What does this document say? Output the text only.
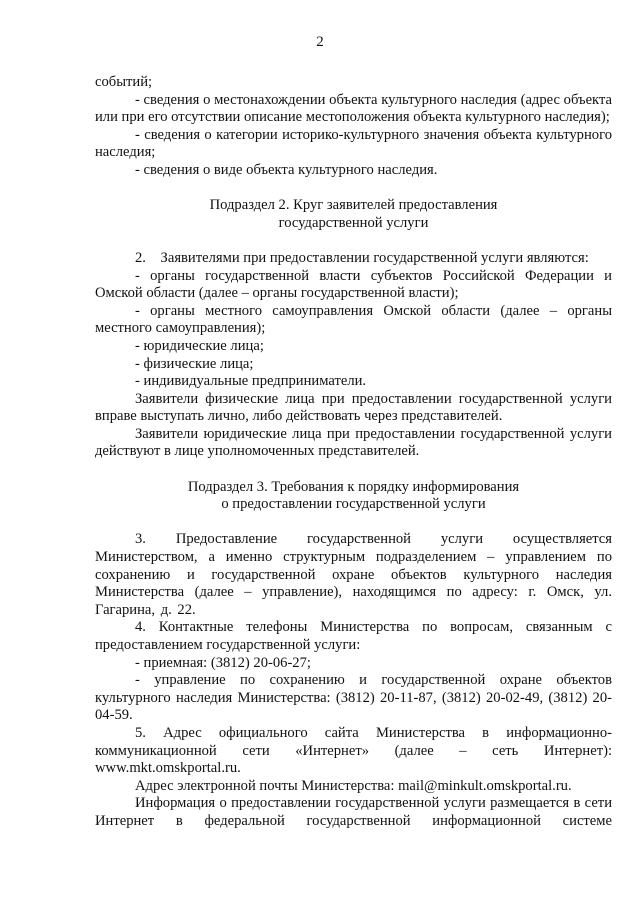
2

событий;

- сведения о местонахождении объекта культурного наследия (адрес объекта или при его отсутствии описание местоположения объекта культурного наследия);

- сведения о категории историко-культурного значения объекта культурного наследия;

- сведения о виде объекта культурного наследия.

Подраздел 2. Круг заявителей предоставления

государственной услуги

2.    Заявителями при предоставлении государственной услуги являются:

- органы государственной власти субъектов Российской Федерации и Омской области (далее – органы государственной власти);

- органы местного самоуправления Омской области (далее – органы местного самоуправления);

- юридические лица;

- физические лица;

- индивидуальные предприниматели.

Заявители физические лица при предоставлении государственной услуги вправе выступать лично, либо действовать через представителей.

Заявители юридические лица при предоставлении государственной услуги действуют в лице уполномоченных представителей.

Подраздел 3. Требования к порядку информирования

о предоставлении государственной услуги

3. Предоставление государственной услуги осуществляется Министерством, а именно структурным подразделением – управлением по сохранению и государственной охране объектов культурного наследия Министерства (далее – управление), находящимся по адресу: г. Омск, ул. Гагарина, д. 22.

4. Контактные телефоны Министерства по вопросам, связанным с предоставлением государственной услуги:

- приемная: (3812) 20-06-27;

- управление по сохранению и государственной охране объектов культурного наследия Министерства: (3812) 20-11-87, (3812) 20-02-49, (3812) 20-04-59.

5. Адрес официального сайта Министерства в информационно-коммуникационной сети «Интернет» (далее – сеть Интернет): www.mkt.omskportal.ru.

Адрес электронной почты Министерства: mail@minkult.omskportal.ru.

Информация о предоставлении государственной услуги размещается в сети Интернет в федеральной государственной информационной системе
